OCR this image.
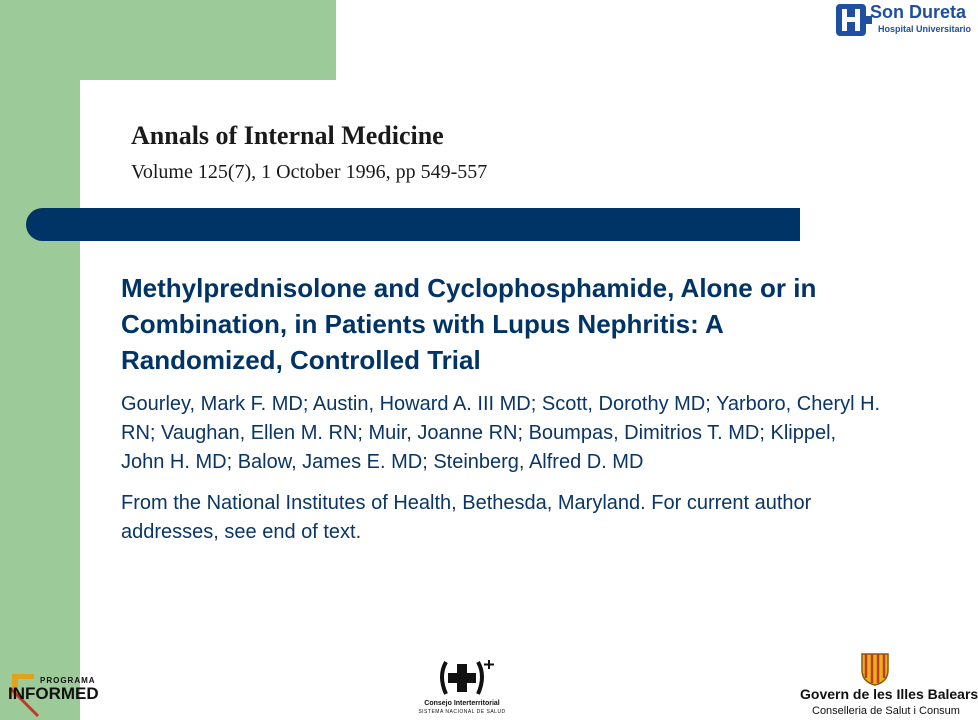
Son Dureta
Hospital Universitario
Annals of Internal Medicine

Volume 125(7), 1 October 1996, pp 549-557

Methylprednisolone and Cyclophosphamide, Alone or in Combination, in Patients with Lupus Nephritis: A Randomized, Controlled Trial

Gourley, Mark F. MD; Austin, Howard A. III MD; Scott, Dorothy MD; Yarboro, Cheryl H. RN; Vaughan, Ellen M. RN; Muir, Joanne RN; Boumpas, Dimitrios T. MD; Klippel, John H. MD; Balow, James E. MD; Steinberg, Alfred D. MD

From the National Institutes of Health, Bethesda, Maryland. For current author addresses, see end of text.

PROGRAMA
INFORMED
Consejo Interterritorial
SISTEMA NACIONAL DE SALUD
Govern de les Illes Balears
Conselleria de Salut i Consum
